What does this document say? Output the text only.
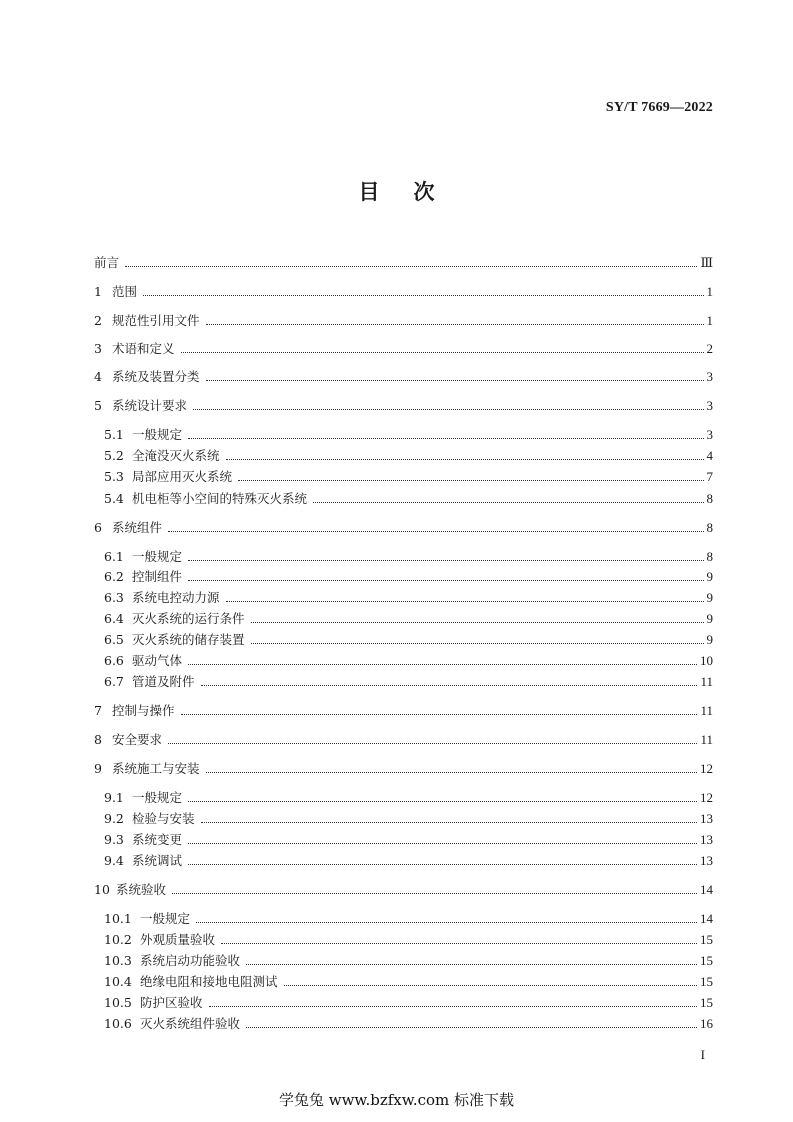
SY/T 7669—2022
目次
前言	Ⅲ
1 范围	1
2 规范性引用文件	1
3 术语和定义	2
4 系统及装置分类	3
5 系统设计要求	3
5.1 一般规定	3
5.2 全淹没灭火系统	4
5.3 局部应用灭火系统	7
5.4 机电柜等小空间的特殊灭火系统	8
6 系统组件	8
6.1 一般规定	8
6.2 控制组件	9
6.3 系统电控动力源	9
6.4 灭火系统的运行条件	9
6.5 灭火系统的储存装置	9
6.6 驱动气体	10
6.7 管道及附件	11
7 控制与操作	11
8 安全要求	11
9 系统施工与安装	12
9.1 一般规定	12
9.2 检验与安装	13
9.3 系统变更	13
9.4 系统调试	13
10 系统验收	14
10.1 一般规定	14
10.2 外观质量验收	15
10.3 系统启动功能验收	15
10.4 绝缘电阻和接地电阻测试	15
10.5 防护区验收	15
10.6 灭火系统组件验收	16
I
学兔兔 www.bzfxw.com 标准下载
